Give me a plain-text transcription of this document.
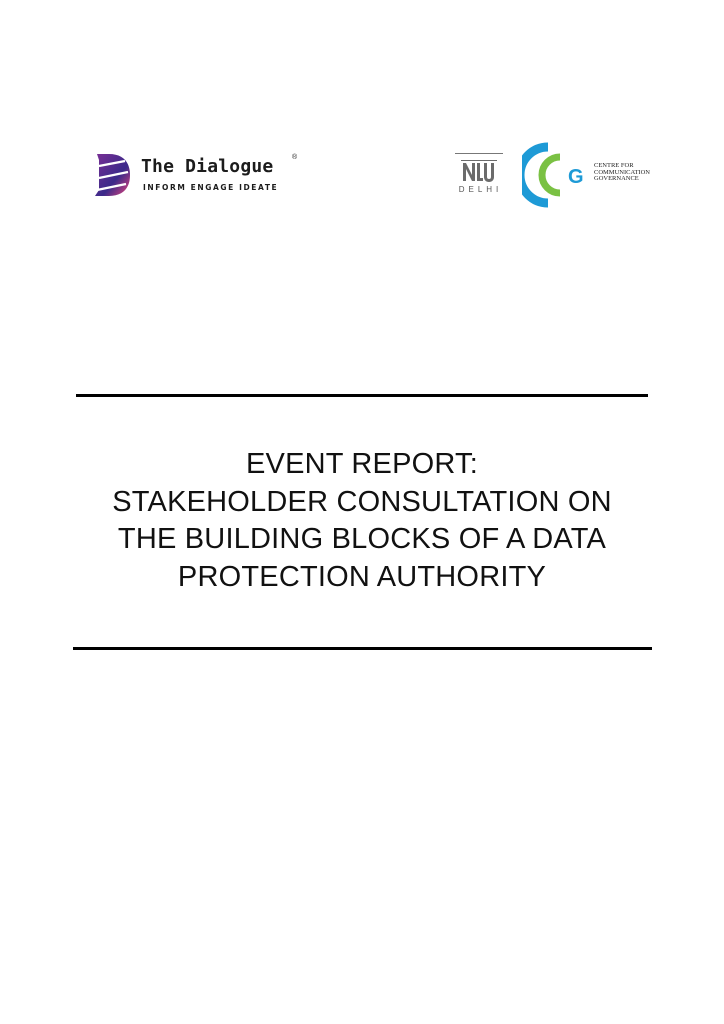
The Dialogue	®
INFORM ENGAGE IDEATE	DELHI
G
CENTRE FOR
COMMUNICATION
GOVERNANCE
EVENT REPORT:
STAKEHOLDER CONSULTATION ON
THE BUILDING BLOCKS OF A DATA
PROTECTION AUTHORITY
